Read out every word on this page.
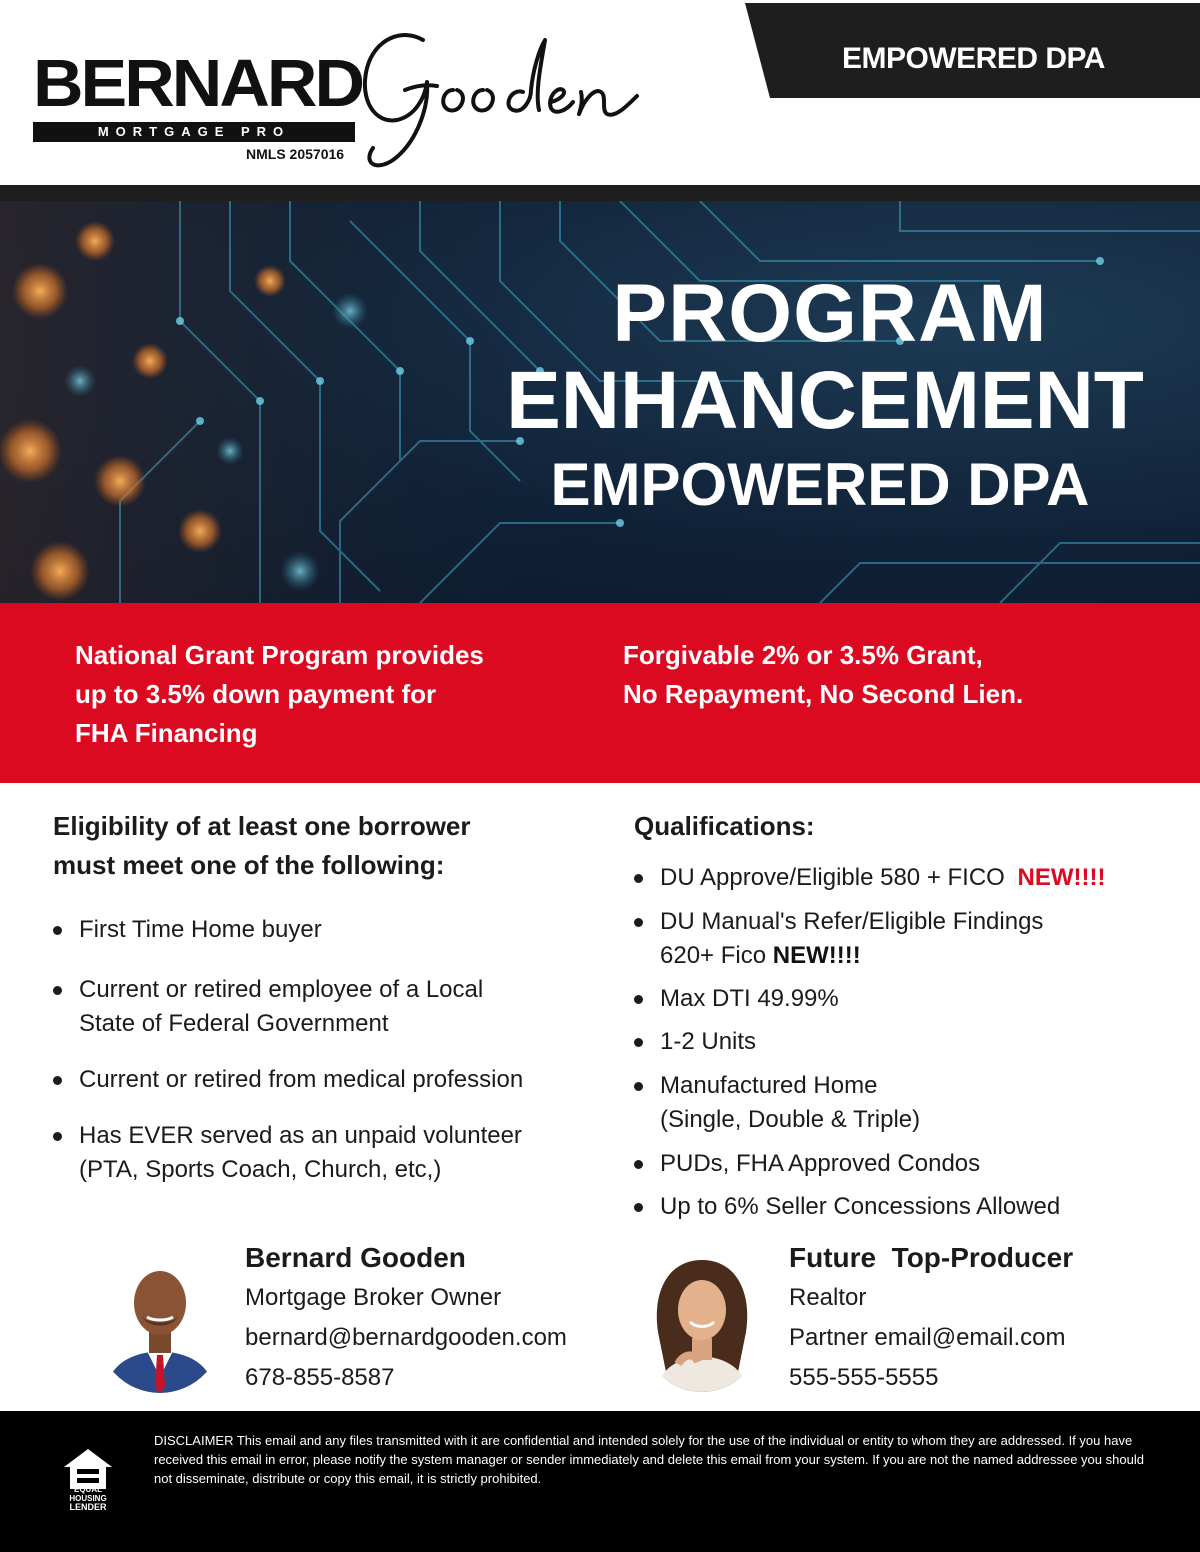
BERNARD
MORTGAGE PRO
NMLS 2057016
EMPOWERED DPA
PROGRAM
ENHANCEMENT
EMPOWERED DPA
National Grant Program provides
up to 3.5% down payment for
FHA Financing
Forgivable 2% or 3.5% Grant,
No Repayment, No Second Lien.
Eligibility of at least one borrower
must meet one of the following:
First Time Home buyer
Current or retired employee of a Local
State of Federal Government
Current or retired from medical profession
Has EVER served as an unpaid volunteer
(PTA, Sports Coach, Church, etc,)
Qualifications:
DU Approve/Eligible 580 + FICO NEW!!!!
DU Manual's Refer/Eligible Findings
620+ Fico NEW!!!!
Max DTI 49.99%
1-2 Units
Manufactured Home
(Single, Double & Triple)
PUDs, FHA Approved Condos
Up to 6% Seller Concessions Allowed
Bernard Gooden
Mortgage Broker Owner
bernard@bernardgooden.com
678-855-8587
Future  Top-Producer
Realtor
Partner email@email.com
555-555-5555
EQUAL HOUSING
LENDER
DISCLAIMER This email and any files transmitted with it are confidential and intended solely for the use of the individual or entity to whom they are addressed. If you have received this email in error, please notify the system manager or sender immediately and delete this email from your system. If you are not the named addressee you should not disseminate, distribute or copy this email, it is strictly prohibited.
